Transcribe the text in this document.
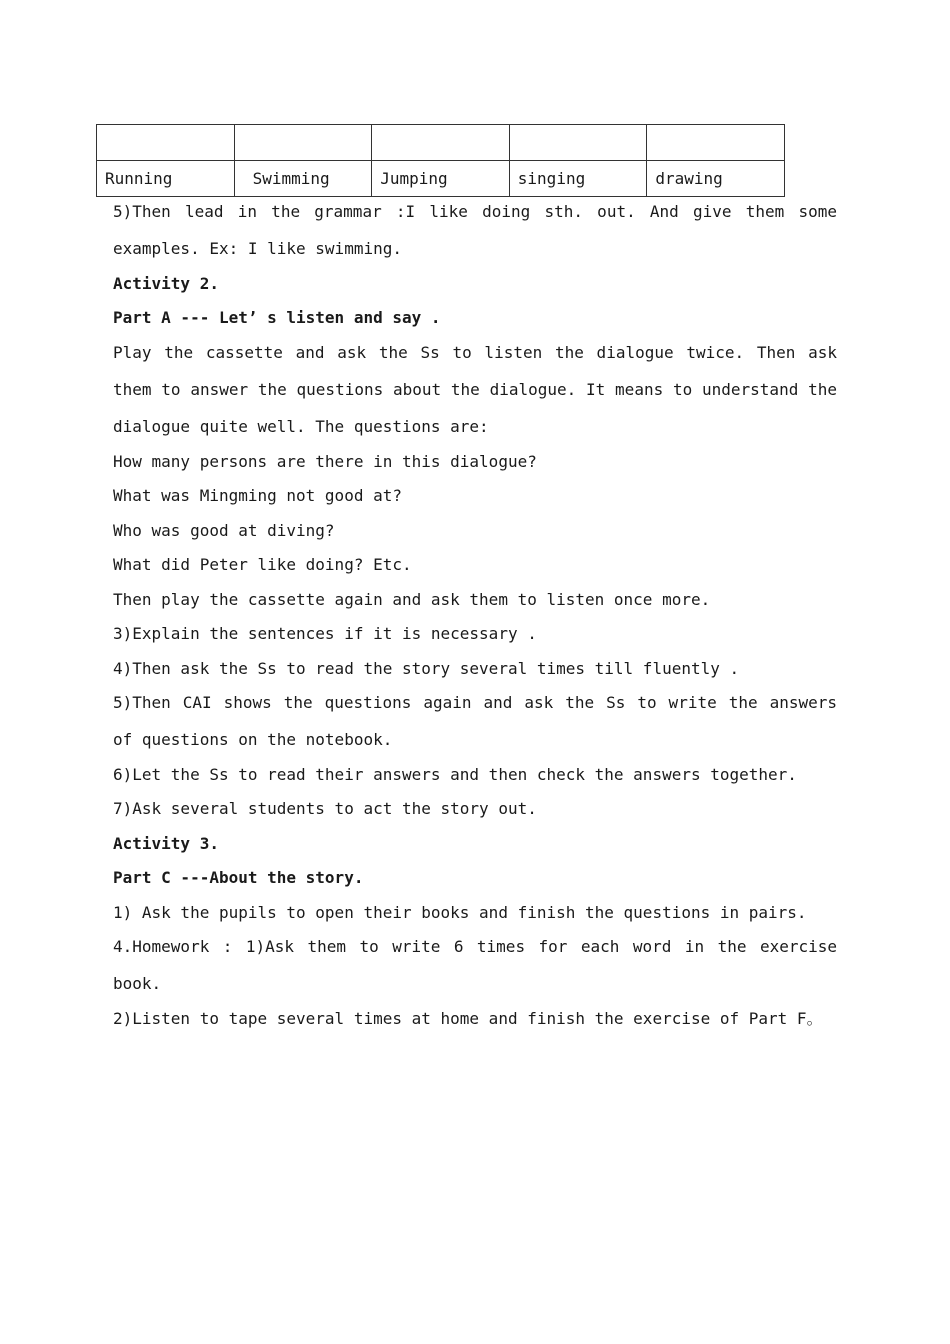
Running	Swimming	Jumping	singing	drawing
5)Then lead in the grammar :I like doing sth. out. And give them some
examples. Ex: I like swimming.
Activity 2.
Part A --- Let’ s listen and say .
Play the cassette and ask the Ss to listen the dialogue twice. Then ask
them to answer the questions about the dialogue. It means to understand the
dialogue quite well. The questions are:
How many persons are there in this dialogue?
What was Mingming not good at?
Who was good at diving?
What did Peter like doing? Etc.
Then play the cassette again and ask them to listen once more.
3)Explain the sentences if it is necessary .
4)Then ask the Ss to read the story several times till fluently .
5)Then CAI shows the questions again and ask the Ss to write the answers
of questions on the notebook.
6)Let the Ss to read their answers and then check the answers together.
7)Ask several students to act the story out.
Activity 3.
Part C ---About the story.
1) Ask the pupils to open their books and finish the questions in pairs.
4.Homework : 1)Ask them to write 6 times for each word in the exercise
book.
2)Listen to tape several times at home and finish the exercise of Part F。
